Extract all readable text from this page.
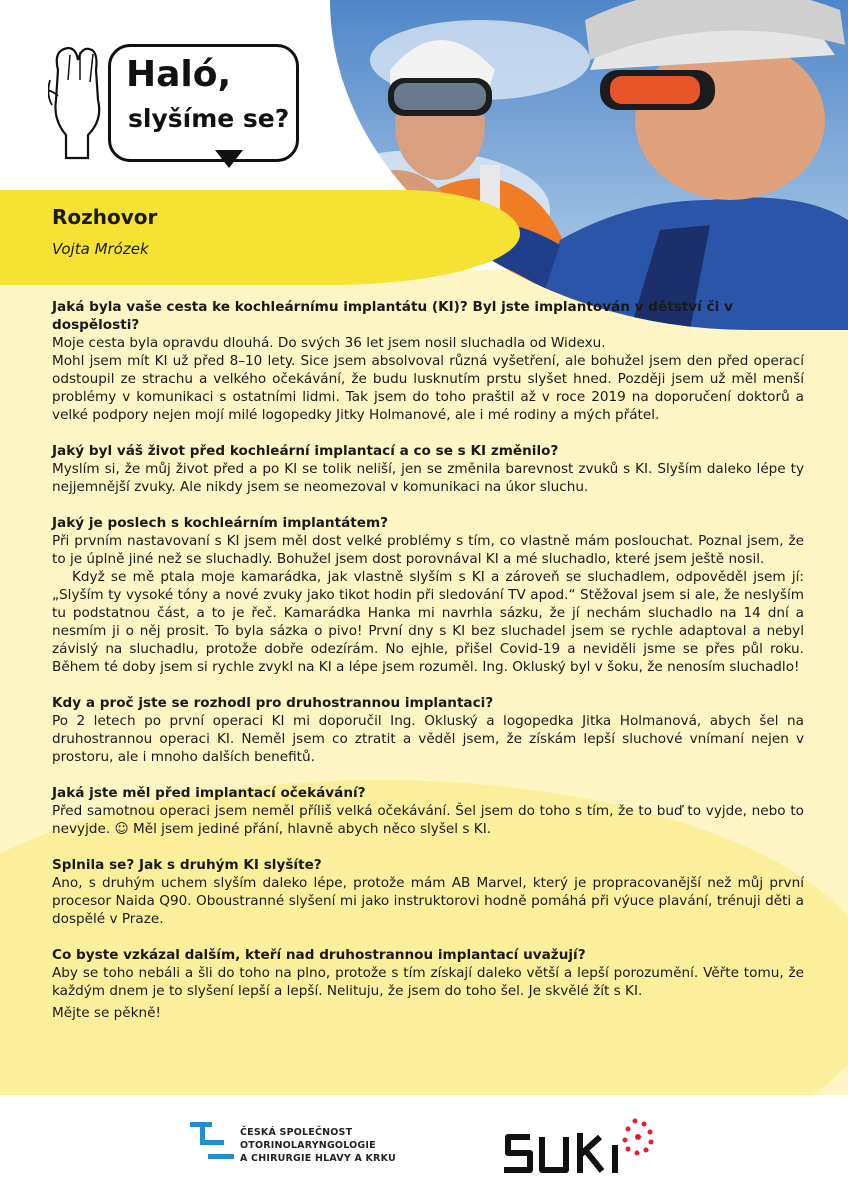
Haló,
slyšíme se?
Rozhovor
Vojta Mrózek

Jaká byla vaše cesta ke kochleárnímu implantátu (KI)? Byl jste implantován v dětství či v dospělosti?

Moje cesta byla opravdu dlouhá. Do svých 36 let jsem nosil sluchadla od Widexu.

Mohl jsem mít KI už před 8–10 lety. Sice jsem absolvoval různá vyšetření, ale bohužel jsem den před operací odstoupil ze strachu a velkého očekávání, že budu lusknutím prstu slyšet hned. Později jsem už měl menší problémy v komunikaci s ostatními lidmi. Tak jsem do toho praštil až v roce 2019 na doporučení doktorů a velké podpory nejen mojí milé logopedky Jitky Holmanové, ale i mé rodiny a mých přátel.

Jaký byl váš život před kochleární implantací a co se s KI změnilo?

Myslím si, že můj život před a po KI se tolik neliší, jen se změnila barevnost zvuků s KI. Slyším daleko lépe ty nejjemnější zvuky. Ale nikdy jsem se neomezoval v komunikaci na úkor sluchu.

Jaký je poslech s kochleárním implantátem?

Při prvním nastavovaní s KI jsem měl dost velké problémy s tím, co vlastně mám poslouchat. Poznal jsem, že to je úplně jiné než se sluchadly. Bohužel jsem dost porovnával KI a mé sluchadlo, které jsem ještě nosil.

Když se mě ptala moje kamarádka, jak vlastně slyším s KI a zároveň se sluchadlem, odpověděl jsem jí: „Slyším ty vysoké tóny a nové zvuky jako tikot hodin při sledování TV apod.“ Stěžoval jsem si ale, že neslyším tu podstatnou část, a to je řeč. Kamarádka Hanka mi navrhla sázku, že jí nechám sluchadlo na 14 dní a nesmím ji o něj prosit. To byla sázka o pivo! První dny s KI bez sluchadel jsem se rychle adaptoval a nebyl závislý na sluchadlu, protože dobře odezírám. No ejhle, přišel Covid-19 a neviděli jsme se přes půl roku. Během té doby jsem si rychle zvykl na KI a lépe jsem rozuměl. Ing. Okluský byl v šoku, že nenosím sluchadlo!

Kdy a proč jste se rozhodl pro druhostrannou implantaci?

Po 2 letech po první operaci KI mi doporučil Ing. Okluský a logopedka Jitka Holmanová, abych šel na druhostrannou operaci KI. Neměl jsem co ztratit a věděl jsem, že získám lepší sluchové vnímaní nejen v prostoru, ale i mnoho dalších benefitů.

Jaká jste měl před implantací očekávání?

Před samotnou operaci jsem neměl příliš velká očekávání. Šel jsem do toho s tím, že to buď to vyjde, nebo to nevyjde. ☺ Měl jsem jediné přání, hlavně abych něco slyšel s KI.

Splnila se? Jak s druhým KI slyšíte?

Ano, s druhým uchem slyším daleko lépe, protože mám AB Marvel, který je propracovanější než můj první procesor Naida Q90. Oboustranné slyšení mi jako instruktorovi hodně pomáhá při výuce plavání, trénuji děti a dospělé v Praze.

Co byste vzkázal dalším, kteří nad druhostrannou implantací uvažují?

Aby se toho nebáli a šli do toho na plno, protože s tím získají daleko větší a lepší porozumění. Věřte tomu, že každým dnem je to slyšení lepší a lepší. Nelituju, že jsem do toho šel. Je skvělé žít s KI.

Mějte se pěkně!

ČESKÁ SPOLEČNOST
OTORINOLARYNGOLOGIE
A CHIRURGIE HLAVY A KRKU
